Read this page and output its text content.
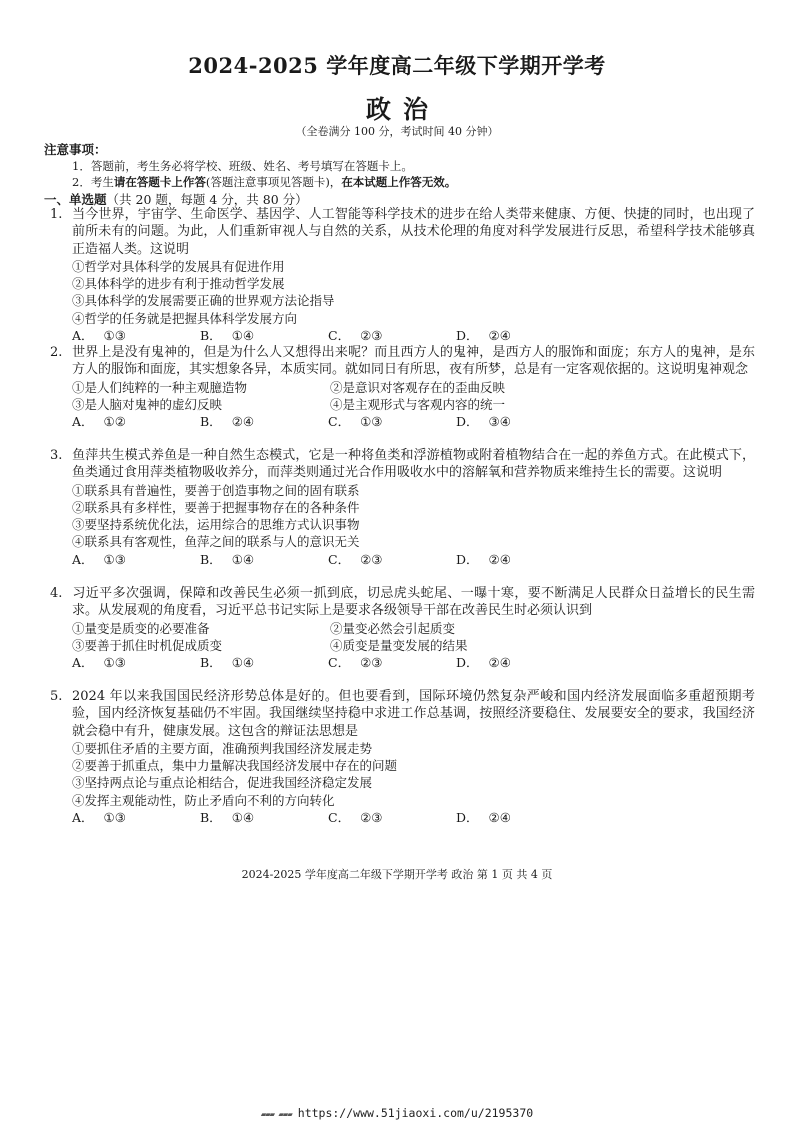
2024-2025 学年度高二年级下学期开学考
政治
（全卷满分 100 分，考试时间 40 分钟）
注意事项：
1．答题前，考生务必将学校、班级、姓名、考号填写在答题卡上。
2．考生请在答题卡上作答(答题注意事项见答题卡)，在本试题上作答无效。
一、单选题（共 20 题，每题 4 分，共 80 分）

1. 当今世界，宇宙学、生命医学、基因学、人工智能等科学技术的进步在给人类带来健康、方便、快捷的同时，也出现了前所未有的问题。为此，人们重新审视人与自然的关系，从技术伦理的角度对科学发展进行反思，希望科学技术能够真正造福人类。这说明

①哲学对具体科学的发展具有促进作用
②具体科学的进步有利于推动哲学发展
③具体科学的发展需要正确的世界观方法论指导
④哲学的任务就是把握具体科学发展方向
A． ①③	B． ①④	C． ②③	D． ②④

2. 世界上是没有鬼神的，但是为什么人又想得出来呢？而且西方人的鬼神，是西方人的服饰和面庞；东方人的鬼神，是东方人的服饰和面庞，其实想象各异，本质实同。就如同日有所思，夜有所梦，总是有一定客观依据的。这说明鬼神观念

①是人们纯粹的一种主观臆造物	②是意识对客观存在的歪曲反映
③是人脑对鬼神的虚幻反映	④是主观形式与客观内容的统一
A． ①②	B． ②④	C． ①③	D． ③④

3. 鱼萍共生模式养鱼是一种自然生态模式，它是一种将鱼类和浮游植物或附着植物结合在一起的养鱼方式。在此模式下，鱼类通过食用萍类植物吸收养分，而萍类则通过光合作用吸收水中的溶解氧和营养物质来维持生长的需要。这说明

①联系具有普遍性，要善于创造事物之间的固有联系
②联系具有多样性，要善于把握事物存在的各种条件
③要坚持系统优化法，运用综合的思维方式认识事物
④联系具有客观性，鱼萍之间的联系与人的意识无关
A． ①③	B． ①④	C． ②③	D． ②④

4. 习近平多次强调，保障和改善民生必须一抓到底，切忌虎头蛇尾、一曝十寒，要不断满足人民群众日益增长的民生需求。从发展观的角度看，习近平总书记实际上是要求各级领导干部在改善民生时必须认识到

①量变是质变的必要准备	②量变必然会引起质变
③要善于抓住时机促成质变	④质变是量变发展的结果
A． ①③	B． ①④	C． ②③	D． ②④

5. 2024 年以来我国国民经济形势总体是好的。但也要看到，国际环境仍然复杂严峻和国内经济发展面临多重超预期考验，国内经济恢复基础仍不牢固。我国继续坚持稳中求进工作总基调，按照经济要稳住、发展要安全的要求，我国经济就会稳中有升，健康发展。这包含的辩证法思想是

①要抓住矛盾的主要方面，准确预判我国经济发展走势
②要善于抓重点，集中力量解决我国经济发展中存在的问题
③坚持两点论与重点论相结合，促进我国经济稳定发展
④发挥主观能动性，防止矛盾向不利的方向转化
A． ①③	B． ①④	C． ②③	D． ②④
2024-2025 学年度高二年级下学期开学考 政治 第 1 页 共 4 页
▰▰▰ ▰▰▰ https://www.51jiaoxi.com/u/2195370
